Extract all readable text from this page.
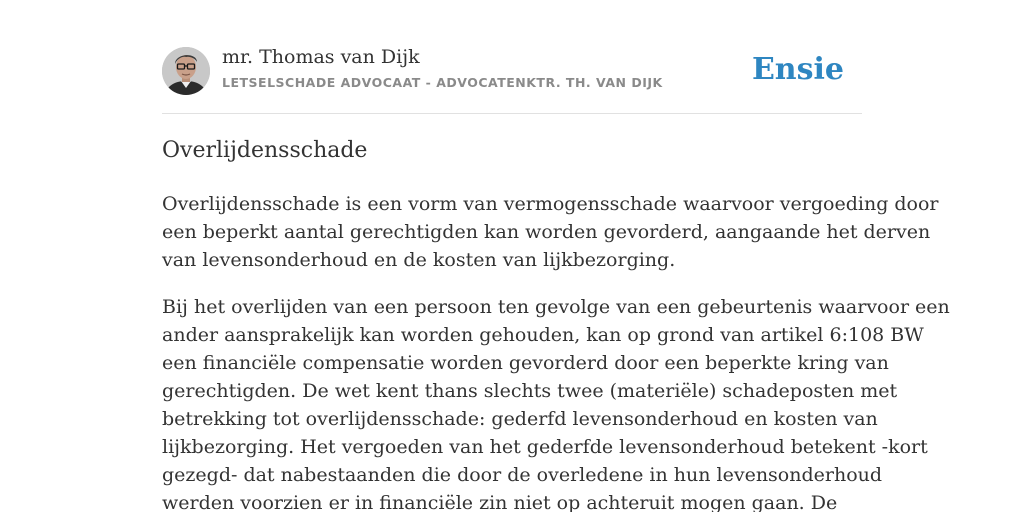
mr. Thomas van Dijk
LETSELSCHADE ADVOCAAT - ADVOCATENKTR. TH. VAN DIJK	Ensie
Overlijdensschade

Overlijdensschade is een vorm van vermogensschade waarvoor vergoeding door
een beperkt aantal gerechtigden kan worden gevorderd, aangaande het derven
van levensonderhoud en de kosten van lijkbezorging.

Bij het overlijden van een persoon ten gevolge van een gebeurtenis waarvoor een
ander aansprakelijk kan worden gehouden, kan op grond van artikel 6:108 BW
een financiële compensatie worden gevorderd door een beperkte kring van
gerechtigden. De wet kent thans slechts twee (materiële) schadeposten met
betrekking tot overlijdensschade: gederfd levensonderhoud en kosten van
lijkbezorging. Het vergoeden van het gederfde levensonderhoud betekent -kort
gezegd- dat nabestaanden die door de overledene in hun levensonderhoud
werden voorzien er in financiële zin niet op achteruit mogen gaan. De
